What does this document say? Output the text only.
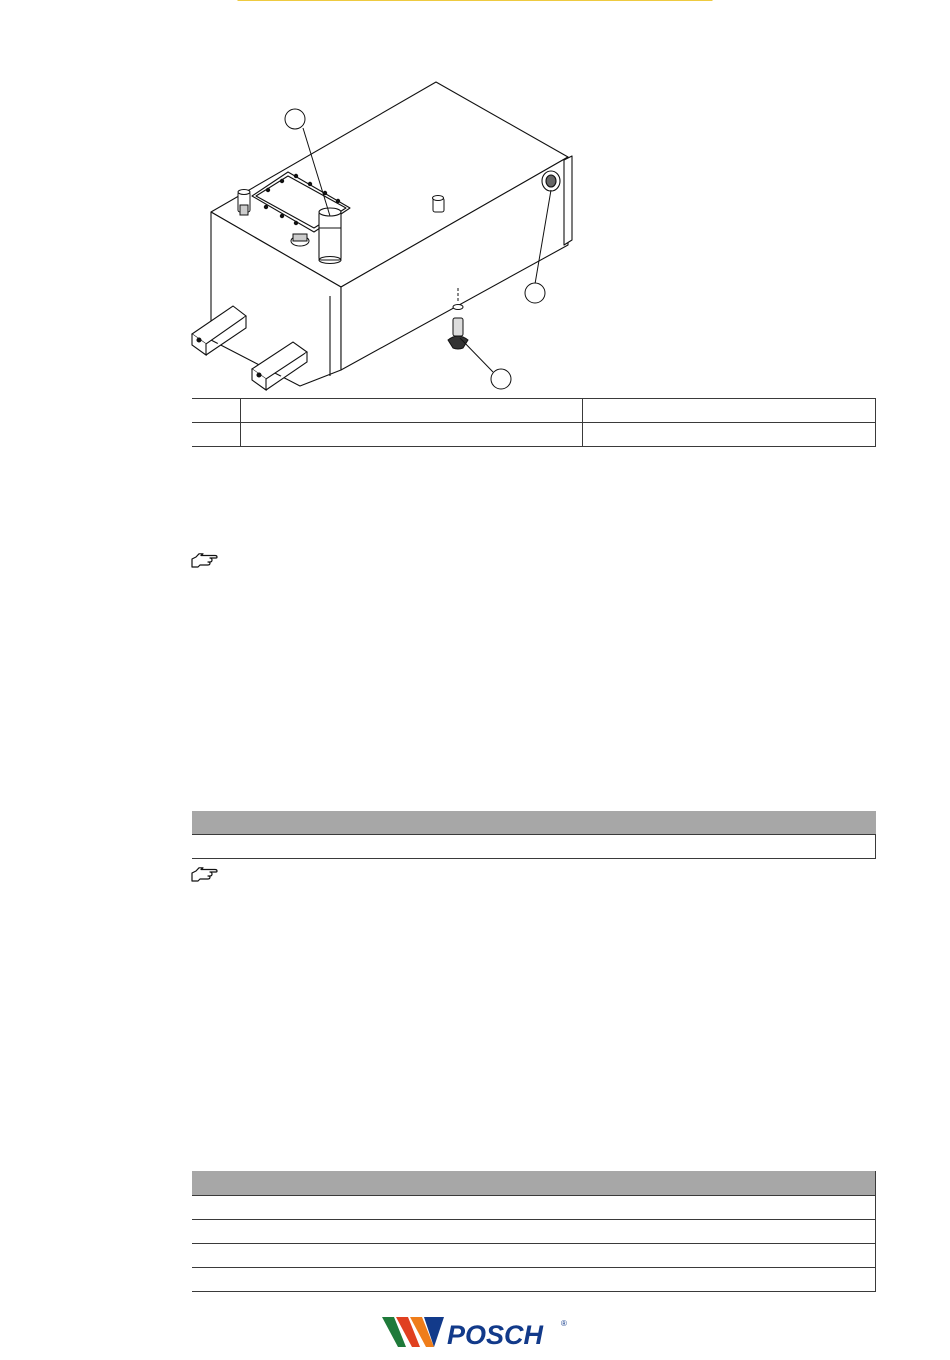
POSCH ®
